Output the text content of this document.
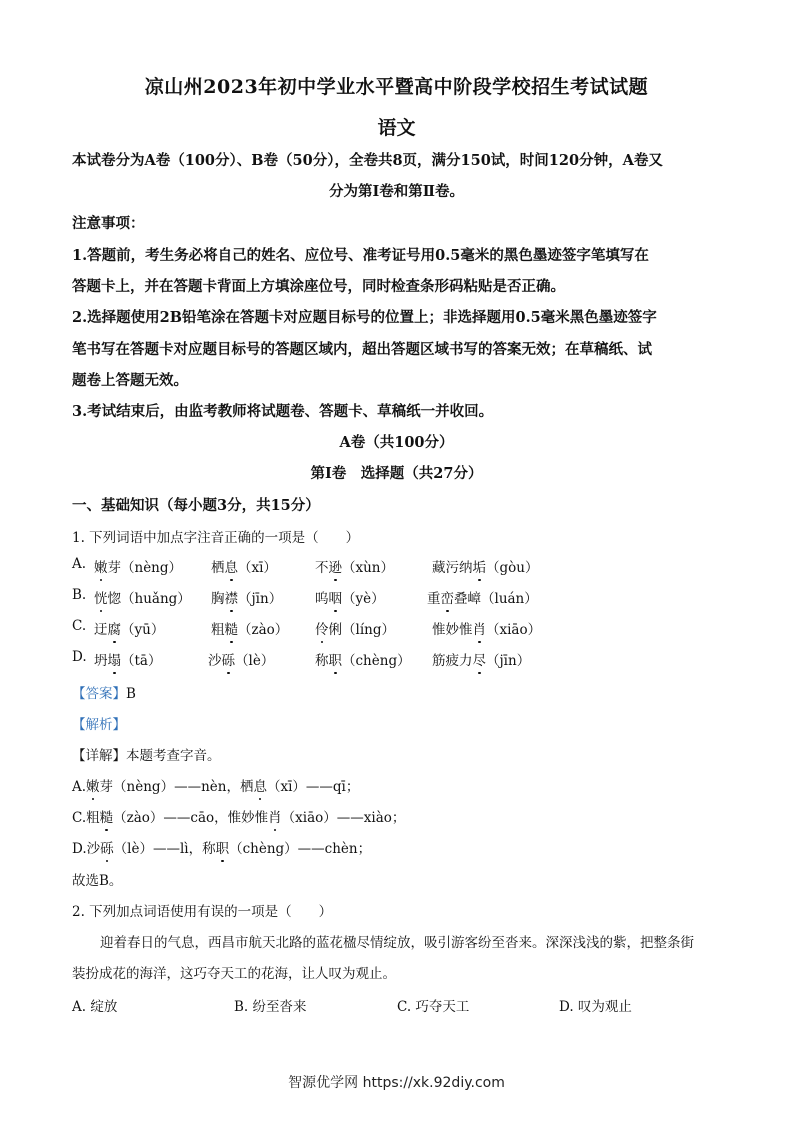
凉山州2023年初中学业水平暨高中阶段学校招生考试试题
语文
本试卷分为A卷（100分）、B卷（50分），全卷共8页，满分150试，时间120分钟，A卷又
分为第Ⅰ卷和第Ⅱ卷。
注意事项：
1.答题前，考生务必将自己的姓名、应位号、准考证号用0.5毫米的黑色墨迹签字笔填写在
答题卡上，并在答题卡背面上方填涂座位号，同时检查条形码粘贴是否正确。
2.选择题使用2B铅笔涂在答题卡对应题目标号的位置上；非选择题用0.5毫米黑色墨迹签字
笔书写在答题卡对应题目标号的答题区域内，超出答题区域书写的答案无效；在草稿纸、试
题卷上答题无效。
3.考试结束后，由监考教师将试题卷、答题卡、草稿纸一并收回。
A卷（共100分）
第Ⅰ卷　选择题（共27分）
一、基础知识（每小题3分，共15分）
1. 下列词语中加点字注音正确的一项是（　　）
A. 嫩芽（nèng） 栖息（xī）	不逊（xùn）	藏污纳垢（gòu）
B. 恍惚（huǎng） 胸襟（jīn） 呜咽（yè）	重峦叠嶂（luán）
C. 迂腐（yū）	粗糙（zào） 伶俐（líng）	惟妙惟肖（xiāo）
D. 坍塌（tā）	沙砾（lè）	称职（chèng） 筋疲力尽（jīn）
【答案】B
【解析】
【详解】本题考查字音。
A.嫩芽（nèng）——nèn，栖息（xī）——qī；
C.粗糙（zào）——cāo，惟妙惟肖（xiāo）——xiào；
D.沙砾（lè）——lì，称职（chèng）——chèn；
故选B。
2. 下列加点词语使用有误的一项是（　　）
迎着春日的气息，西昌市航天北路的蓝花楹尽情绽放，吸引游客纷至沓来。深深浅浅的紫，把整条街
装扮成花的海洋，这巧夺天工的花海，让人叹为观止。
A. 绽放	B. 纷至沓来	C. 巧夺天工	D. 叹为观止
智源优学网 https://xk.92diy.com
